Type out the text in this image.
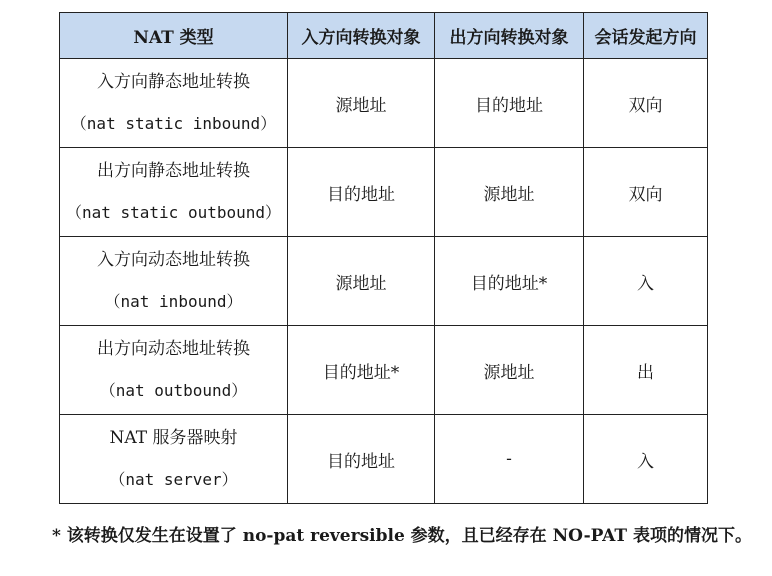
NAT 类型	入方向转换对象	出方向转换对象	会话发起方向

入方向静态地址转换
（nat static inbound）	源地址	目的地址	双向

出方向静态地址转换
（nat static outbound）	目的地址	源地址	双向

入方向动态地址转换
（nat inbound）	源地址	目的地址*	入

出方向动态地址转换
（nat outbound）	目的地址*	源地址	出

NAT 服务器映射
（nat server）	目的地址	-	入

* 该转换仅发生在设置了 no-pat reversible 参数，且已经存在 NO-PAT 表项的情况下。
